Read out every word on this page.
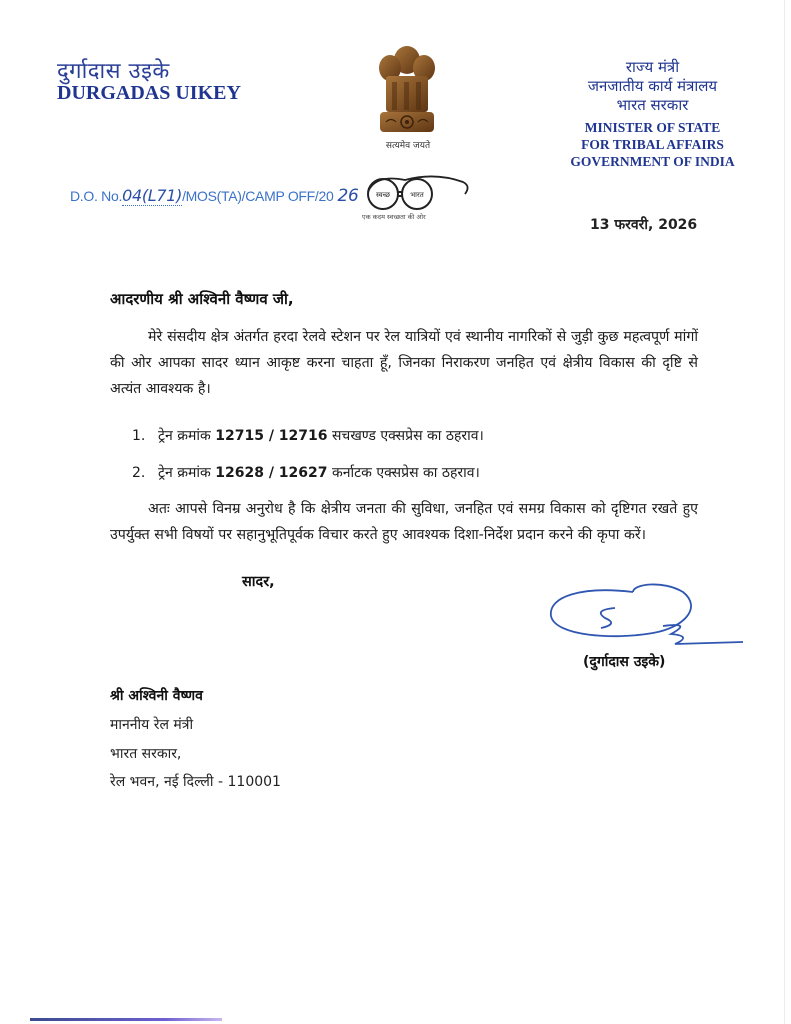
दुर्गादास उइके
DURGADAS UIKEY
सत्यमेव जयते
राज्य मंत्री
जनजातीय कार्य मंत्रालय
भारत सरकार
MINISTER OF STATE
FOR TRIBAL AFFAIRS
GOVERNMENT OF INDIA
D.O. No.04(L71)/MOS(TA)/CAMP OFF/20 26 स्वच्छ	भारत
एक कदम स्वच्छता की ओर	13 फरवरी, 2026
आदरणीय श्री अश्विनी वैष्णव जी,
मेरे संसदीय क्षेत्र अंतर्गत हरदा रेलवे स्टेशन पर रेल यात्रियों एवं स्थानीय नागरिकों से जुड़ी कुछ महत्वपूर्ण मांगों की ओर आपका सादर ध्यान आकृष्ट करना चाहता हूँ, जिनका निराकरण जनहित एवं क्षेत्रीय विकास की दृष्टि से अत्यंत आवश्यक है।
1. ट्रेन क्रमांक 12715 / 12716 सचखण्ड एक्सप्रेस का ठहराव।
2. ट्रेन क्रमांक 12628 / 12627 कर्नाटक एक्सप्रेस का ठहराव।
अतः आपसे विनम्र अनुरोध है कि क्षेत्रीय जनता की सुविधा, जनहित एवं समग्र विकास को दृष्टिगत रखते हुए उपर्युक्त सभी विषयों पर सहानुभूतिपूर्वक विचार करते हुए आवश्यक दिशा-निर्देश प्रदान करने की कृपा करें।
सादर,
(दुर्गादास उइके)
श्री अश्विनी वैष्णव
माननीय रेल मंत्री
भारत सरकार,
रेल भवन, नई दिल्ली - 110001
